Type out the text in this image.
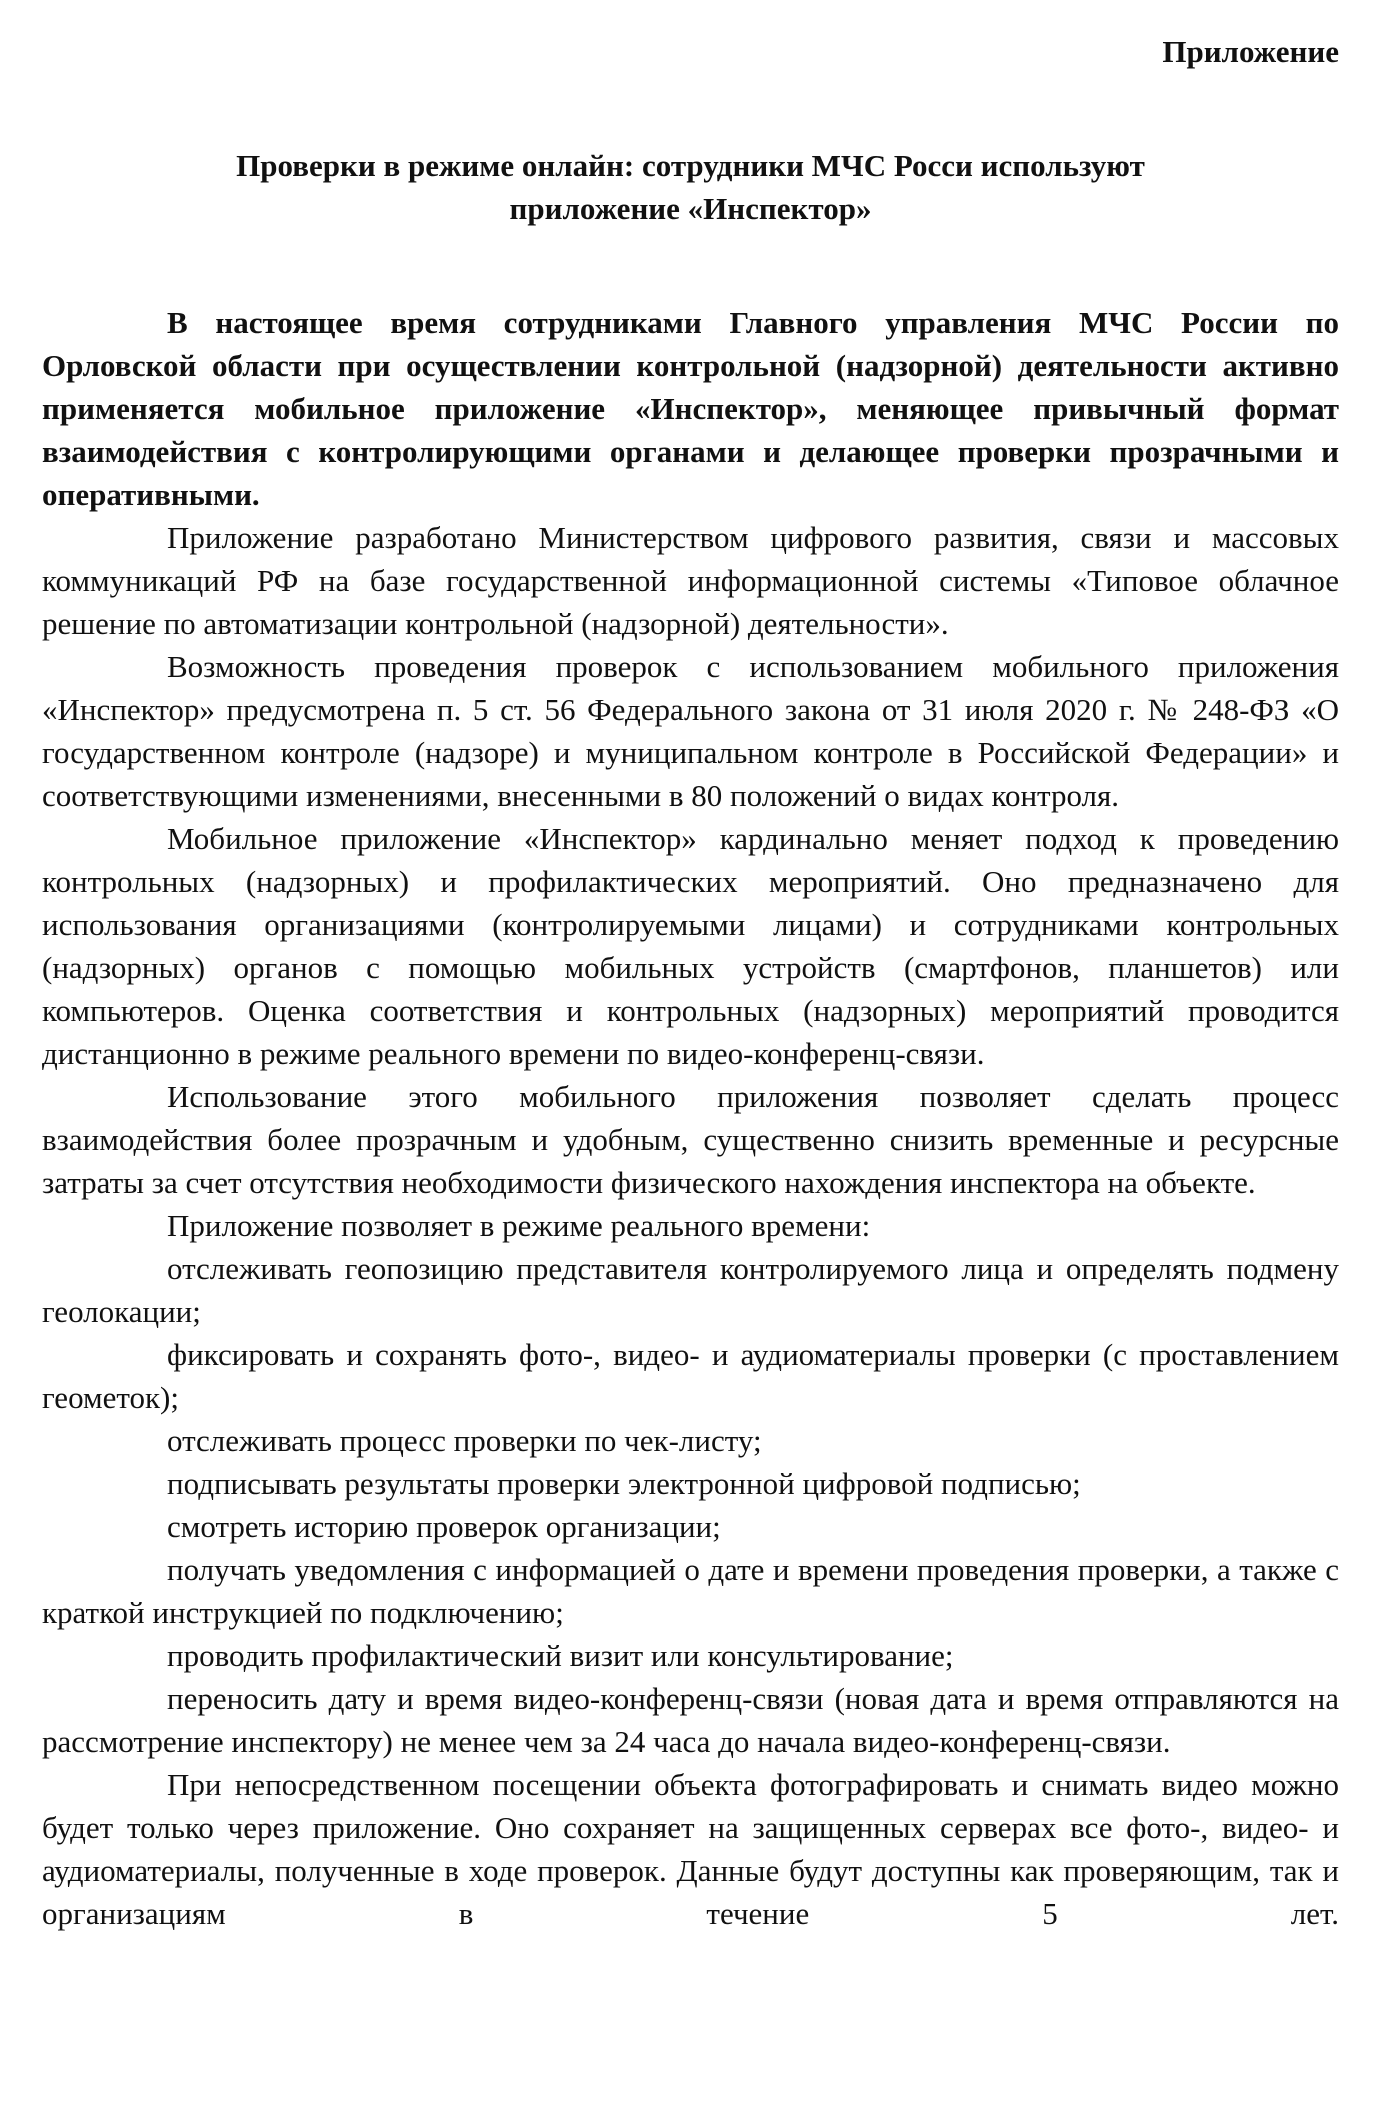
Приложение
Проверки в режиме онлайн: сотрудники МЧС Росси используют приложение «Инспектор»
В настоящее время сотрудниками Главного управления МЧС России по Орловской области при осуществлении контрольной (надзорной) деятельности активно применяется мобильное приложение «Инспектор», меняющее привычный формат взаимодействия с контролирующими органами и делающее проверки прозрачными и оперативными.

Приложение разработано Министерством цифрового развития, связи и массовых коммуникаций РФ на базе государственной информационной системы «Типовое облачное решение по автоматизации контрольной (надзорной) деятельности».

Возможность проведения проверок с использованием мобильного приложения «Инспектор» предусмотрена п. 5 ст. 56 Федерального закона от 31 июля 2020 г. № 248-ФЗ «О государственном контроле (надзоре) и муниципальном контроле в Российской Федерации» и соответствующими изменениями, внесенными в 80 положений о видах контроля.

Мобильное приложение «Инспектор» кардинально меняет подход к проведению контрольных (надзорных) и профилактических мероприятий. Оно предназначено для использования организациями (контролируемыми лицами) и сотрудниками контрольных (надзорных) органов с помощью мобильных устройств (смартфонов, планшетов) или компьютеров. Оценка соответствия и контрольных (надзорных) мероприятий проводится дистанционно в режиме реального времени по видео-конференц-связи.

Использование этого мобильного приложения позволяет сделать процесс взаимодействия более прозрачным и удобным, существенно снизить временные и ресурсные затраты за счет отсутствия необходимости физического нахождения инспектора на объекте.

Приложение позволяет в режиме реального времени:

отслеживать геопозицию представителя контролируемого лица и определять подмену геолокации;
фиксировать и сохранять фото-, видео- и аудиоматериалы проверки (с проставлением геометок);
отслеживать процесс проверки по чек-листу;
подписывать результаты проверки электронной цифровой подписью;
смотреть историю проверок организации;
получать уведомления с информацией о дате и времени проведения проверки, а также с краткой инструкцией по подключению;
проводить профилактический визит или консультирование;
переносить дату и время видео-конференц-связи (новая дата и время отправляются на рассмотрение инспектору) не менее чем за 24 часа до начала видео-конференц-связи.

При непосредственном посещении объекта фотографировать и снимать видео можно будет только через приложение. Оно сохраняет на защищенных серверах все фото-, видео- и аудиоматериалы, полученные в ходе проверок. Данные будут доступны как проверяющим, так и организациям в течение 5 лет.
